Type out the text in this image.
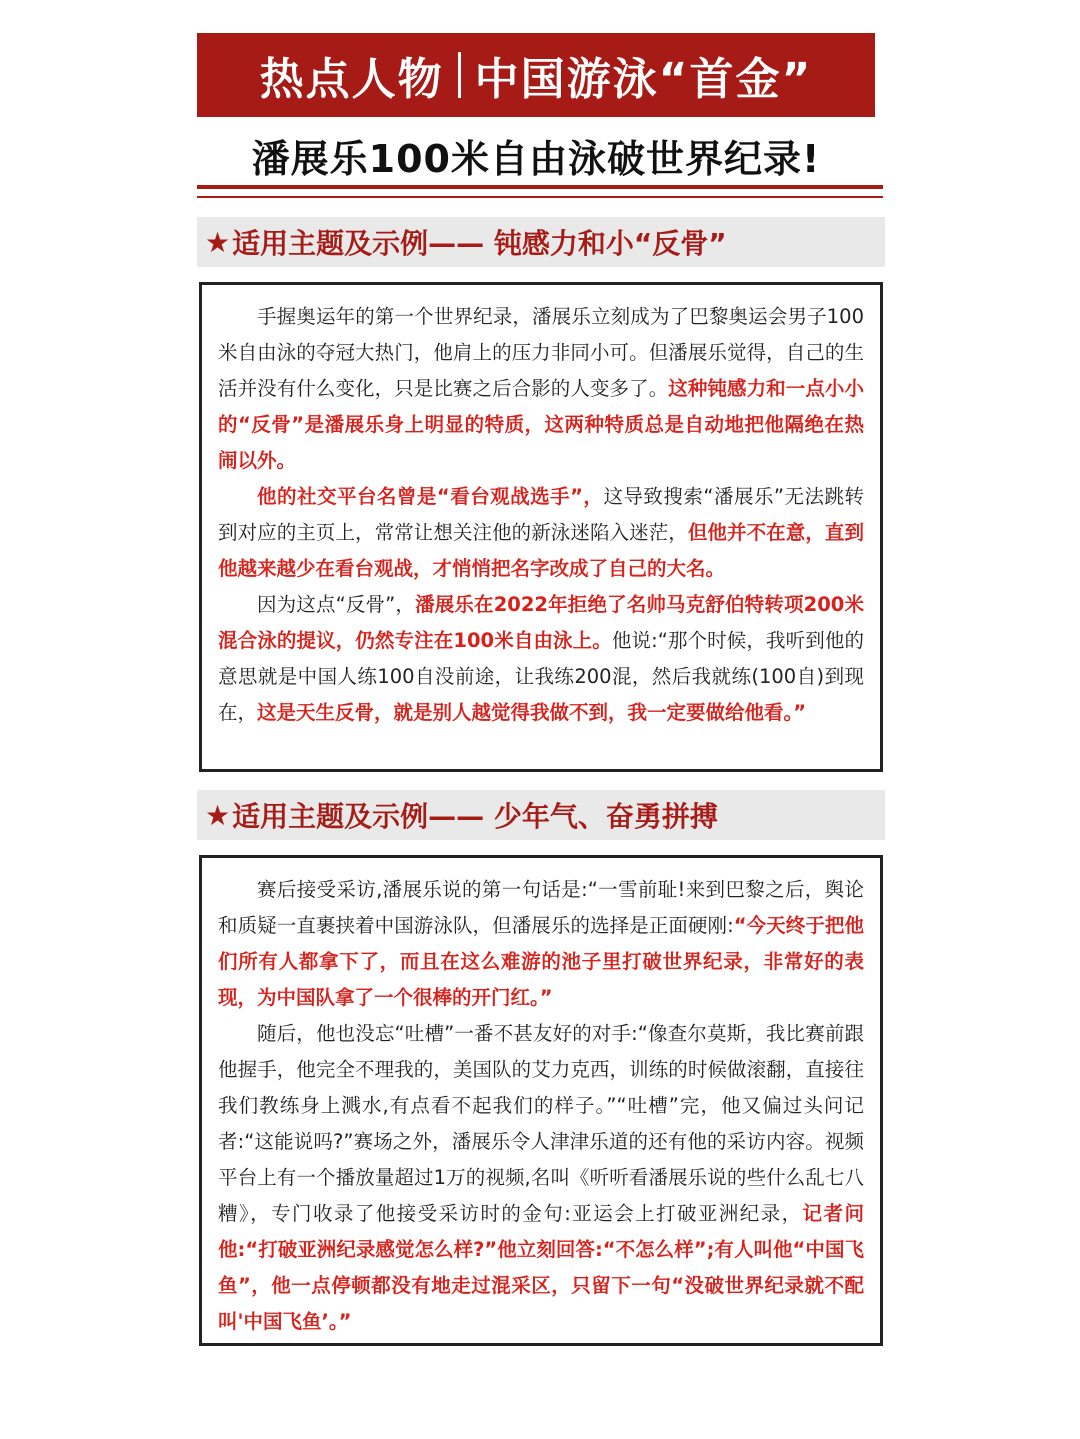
热点人物 中国游泳“首金”
潘展乐100米自由泳破世界纪录!
★ 适用主题及示例—— 钝感力和小“反骨”

手握奥运年的第一个世界纪录，潘展乐立刻成为了巴黎奥运会男子100米自由泳的夺冠大热门，他肩上的压力非同小可。但潘展乐觉得，自己的生活并没有什么变化，只是比赛之后合影的人变多了。这种钝感力和一点小小的“反骨”是潘展乐身上明显的特质，这两种特质总是自动地把他隔绝在热闹以外。

他的社交平台名曾是“看台观战选手”，这导致搜索“潘展乐”无法跳转到对应的主页上，常常让想关注他的新泳迷陷入迷茫，但他并不在意，直到他越来越少在看台观战，才悄悄把名字改成了自己的大名。

因为这点“反骨”，潘展乐在2022年拒绝了名帅马克舒伯特转项200米混合泳的提议，仍然专注在100米自由泳上。他说:“那个时候，我听到他的意思就是中国人练100自没前途，让我练200混，然后我就练(100自)到现在，这是天生反骨，就是别人越觉得我做不到，我一定要做给他看。”

★ 适用主题及示例—— 少年气、奋勇拼搏

赛后接受采访,潘展乐说的第一句话是:“一雪前耻!来到巴黎之后，舆论和质疑一直裹挟着中国游泳队，但潘展乐的选择是正面硬刚:“今天终于把他们所有人都拿下了，而且在这么难游的池子里打破世界纪录，非常好的表现，为中国队拿了一个很棒的开门红。”

随后，他也没忘“吐槽”一番不甚友好的对手:“像查尔莫斯，我比赛前跟他握手，他完全不理我的，美国队的艾力克西，训练的时候做滚翻，直接往我们教练身上溅水,有点看不起我们的样子。”“吐槽”完，他又偏过头问记者:“这能说吗?”赛场之外，潘展乐令人津津乐道的还有他的采访内容。视频平台上有一个播放量超过1万的视频,名叫《听听看潘展乐说的些什么乱七八糟》，专门收录了他接受采访时的金句:亚运会上打破亚洲纪录，记者问他:“打破亚洲纪录感觉怎么样?”他立刻回答:“不怎么样”;有人叫他“中国飞鱼”，他一点停顿都没有地走过混采区，只留下一句“没破世界纪录就不配叫'中国飞鱼’。”
